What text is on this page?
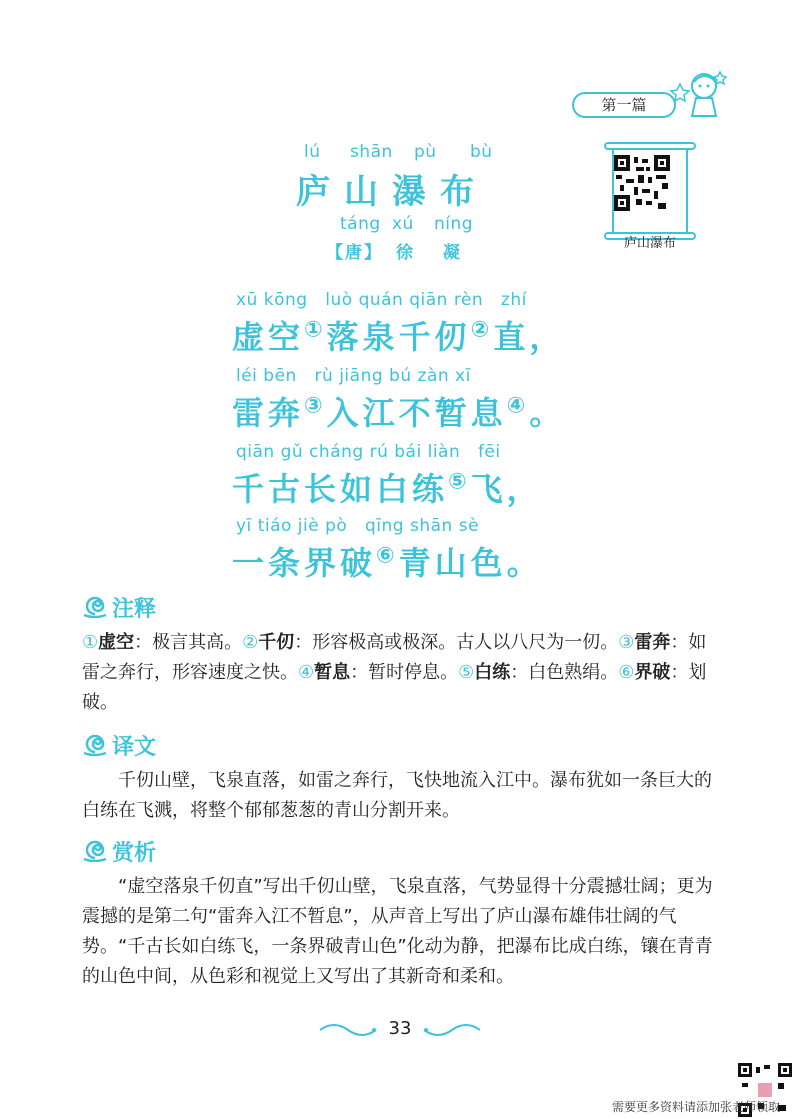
第一篇
庐山瀑布
lú shān pù bù
庐山瀑布
táng xú níng
【唐】 徐 凝
xū kōng   luò quán qiān rèn   zhí
虚空①落泉千仞②直，
léi bēn   rù jiāng bú zàn xī
雷奔③入江不暂息④。
qiān gǔ cháng rú bái liàn   fēi
千古长如白练⑤飞，
yī tiáo jiè pò   qīng shān sè
一条界破⑥青山色。
注释
①虚空：极言其高。②千仞：形容极高或极深。古人以八尺为一仞。③雷奔：如雷之奔行，形容速度之快。④暂息：暂时停息。⑤白练：白色熟绢。⑥界破：划破。
译文
千仞山壁，飞泉直落，如雷之奔行，飞快地流入江中。瀑布犹如一条巨大的白练在飞溅，将整个郁郁葱葱的青山分割开来。
赏析
“虚空落泉千仞直”写出千仞山壁，飞泉直落，气势显得十分震撼壮阔；更为震撼的是第二句“雷奔入江不暂息”，从声音上写出了庐山瀑布雄伟壮阔的气势。“千古长如白练飞，一条界破青山色”化动为静，把瀑布比成白练，镶在青青的山色中间，从色彩和视觉上又写出了其新奇和柔和。
33
需要更多资料请添加张老师领取
